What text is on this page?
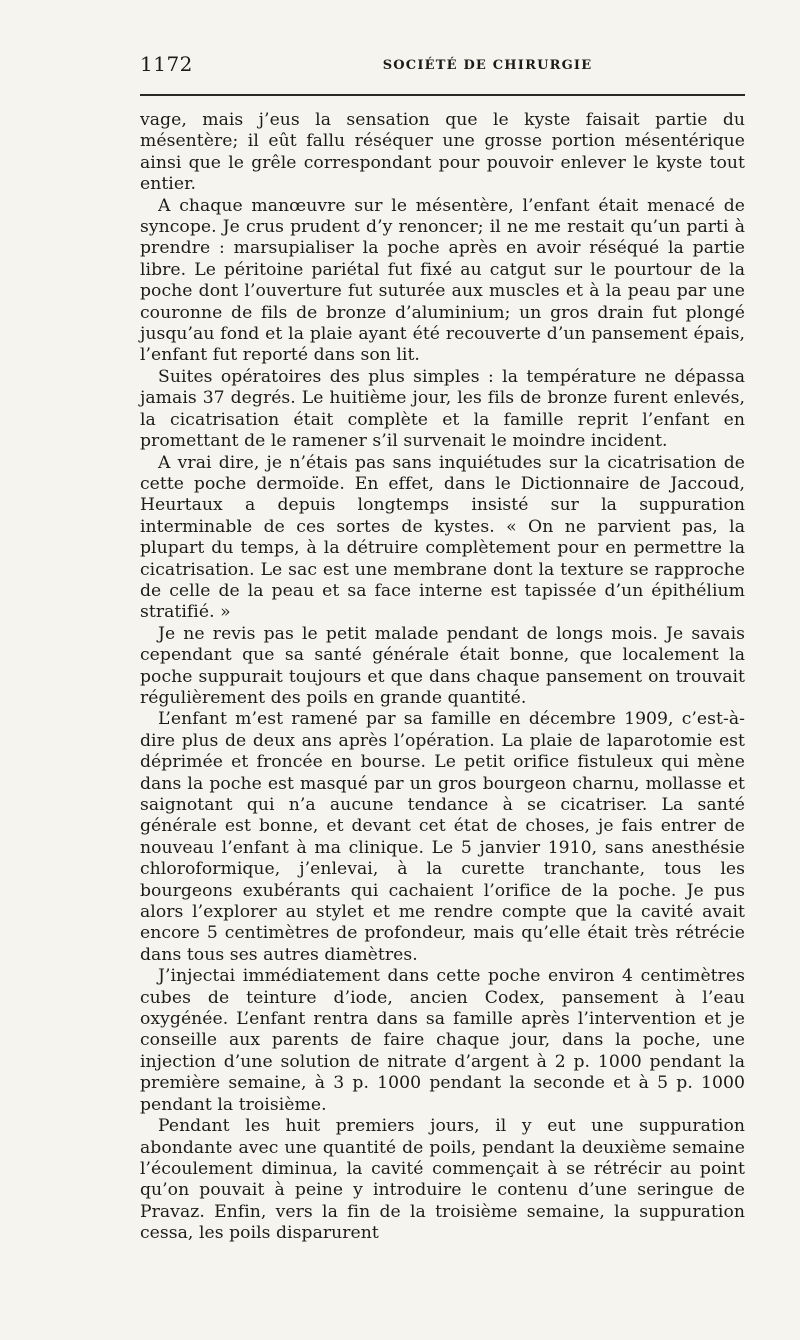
1172	SOCIÉTÉ DE CHIRURGIE

vage, mais j’eus la sensation que le kyste faisait partie du mésentère; il eût fallu réséquer une grosse portion mésentérique ainsi que le grêle correspondant pour pouvoir enlever le kyste tout entier.

A chaque manœuvre sur le mésentère, l’enfant était menacé de syncope. Je crus prudent d’y renoncer; il ne me restait qu’un parti à prendre : marsupialiser la poche après en avoir réséqué la partie libre. Le péritoine pariétal fut fixé au catgut sur le pourtour de la poche dont l’ouverture fut suturée aux muscles et à la peau par une couronne de fils de bronze d’aluminium; un gros drain fut plongé jusqu’au fond et la plaie ayant été recouverte d’un pansement épais, l’enfant fut reporté dans son lit.

Suites opératoires des plus simples : la température ne dépassa jamais 37 degrés. Le huitième jour, les fils de bronze furent enlevés, la cicatrisation était complète et la famille reprit l’enfant en promettant de le ramener s’il survenait le moindre incident.

A vrai dire, je n’étais pas sans inquiétudes sur la cicatrisation de cette poche dermoïde. En effet, dans le Dictionnaire de Jaccoud, Heurtaux a depuis longtemps insisté sur la suppuration interminable de ces sortes de kystes. « On ne parvient pas, la plupart du temps, à la détruire complètement pour en permettre la cicatrisation. Le sac est une membrane dont la texture se rapproche de celle de la peau et sa face interne est tapissée d’un épithélium stratifié. »

Je ne revis pas le petit malade pendant de longs mois. Je savais cependant que sa santé générale était bonne, que localement la poche suppurait toujours et que dans chaque pansement on trouvait régulièrement des poils en grande quantité.

L’enfant m’est ramené par sa famille en décembre 1909, c’est-à-dire plus de deux ans après l’opération. La plaie de laparotomie est déprimée et froncée en bourse. Le petit orifice fistuleux qui mène dans la poche est masqué par un gros bourgeon charnu, mollasse et saignotant qui n’a aucune tendance à se cicatriser. La santé générale est bonne, et devant cet état de choses, je fais entrer de nouveau l’enfant à ma clinique. Le 5 janvier 1910, sans anesthésie chloroformique, j’enlevai, à la curette tranchante, tous les bourgeons exubérants qui cachaient l’orifice de la poche. Je pus alors l’explorer au stylet et me rendre compte que la cavité avait encore 5 centimètres de profondeur, mais qu’elle était très rétrécie dans tous ses autres diamètres.

J’injectai immédiatement dans cette poche environ 4 centimètres cubes de teinture d’iode, ancien Codex, pansement à l’eau oxygénée. L’enfant rentra dans sa famille après l’intervention et je conseille aux parents de faire chaque jour, dans la poche, une injection d’une solution de nitrate d’argent à 2 p. 1000 pendant la première semaine, à 3 p. 1000 pendant la seconde et à 5 p. 1000 pendant la troisième.

Pendant les huit premiers jours, il y eut une suppuration abondante avec une quantité de poils, pendant la deuxième semaine l’écoulement diminua, la cavité commençait à se rétrécir au point qu’on pouvait à peine y introduire le contenu d’une seringue de Pravaz. Enfin, vers la fin de la troisième semaine, la suppuration cessa, les poils disparurent
